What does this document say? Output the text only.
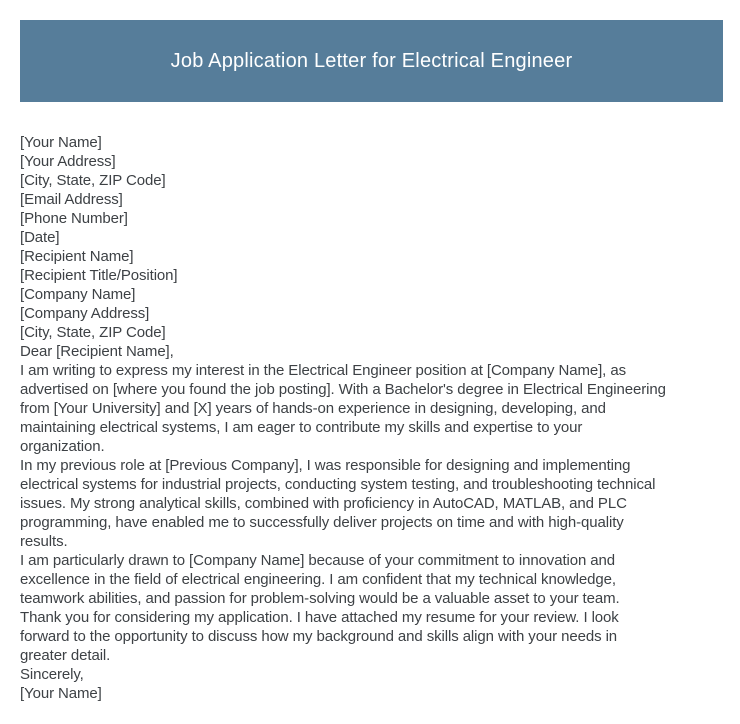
Job Application Letter for Electrical Engineer
[Your Name]
[Your Address]
[City, State, ZIP Code]
[Email Address]
[Phone Number]
[Date]
[Recipient Name]
[Recipient Title/Position]
[Company Name]
[Company Address]
[City, State, ZIP Code]
Dear [Recipient Name],
I am writing to express my interest in the Electrical Engineer position at [Company Name], as
advertised on [where you found the job posting]. With a Bachelor's degree in Electrical Engineering
from [Your University] and [X] years of hands-on experience in designing, developing, and
maintaining electrical systems, I am eager to contribute my skills and expertise to your
organization.
In my previous role at [Previous Company], I was responsible for designing and implementing
electrical systems for industrial projects, conducting system testing, and troubleshooting technical
issues. My strong analytical skills, combined with proficiency in AutoCAD, MATLAB, and PLC
programming, have enabled me to successfully deliver projects on time and with high-quality
results.
I am particularly drawn to [Company Name] because of your commitment to innovation and
excellence in the field of electrical engineering. I am confident that my technical knowledge,
teamwork abilities, and passion for problem-solving would be a valuable asset to your team.
Thank you for considering my application. I have attached my resume for your review. I look
forward to the opportunity to discuss how my background and skills align with your needs in
greater detail.
Sincerely,
[Your Name]
